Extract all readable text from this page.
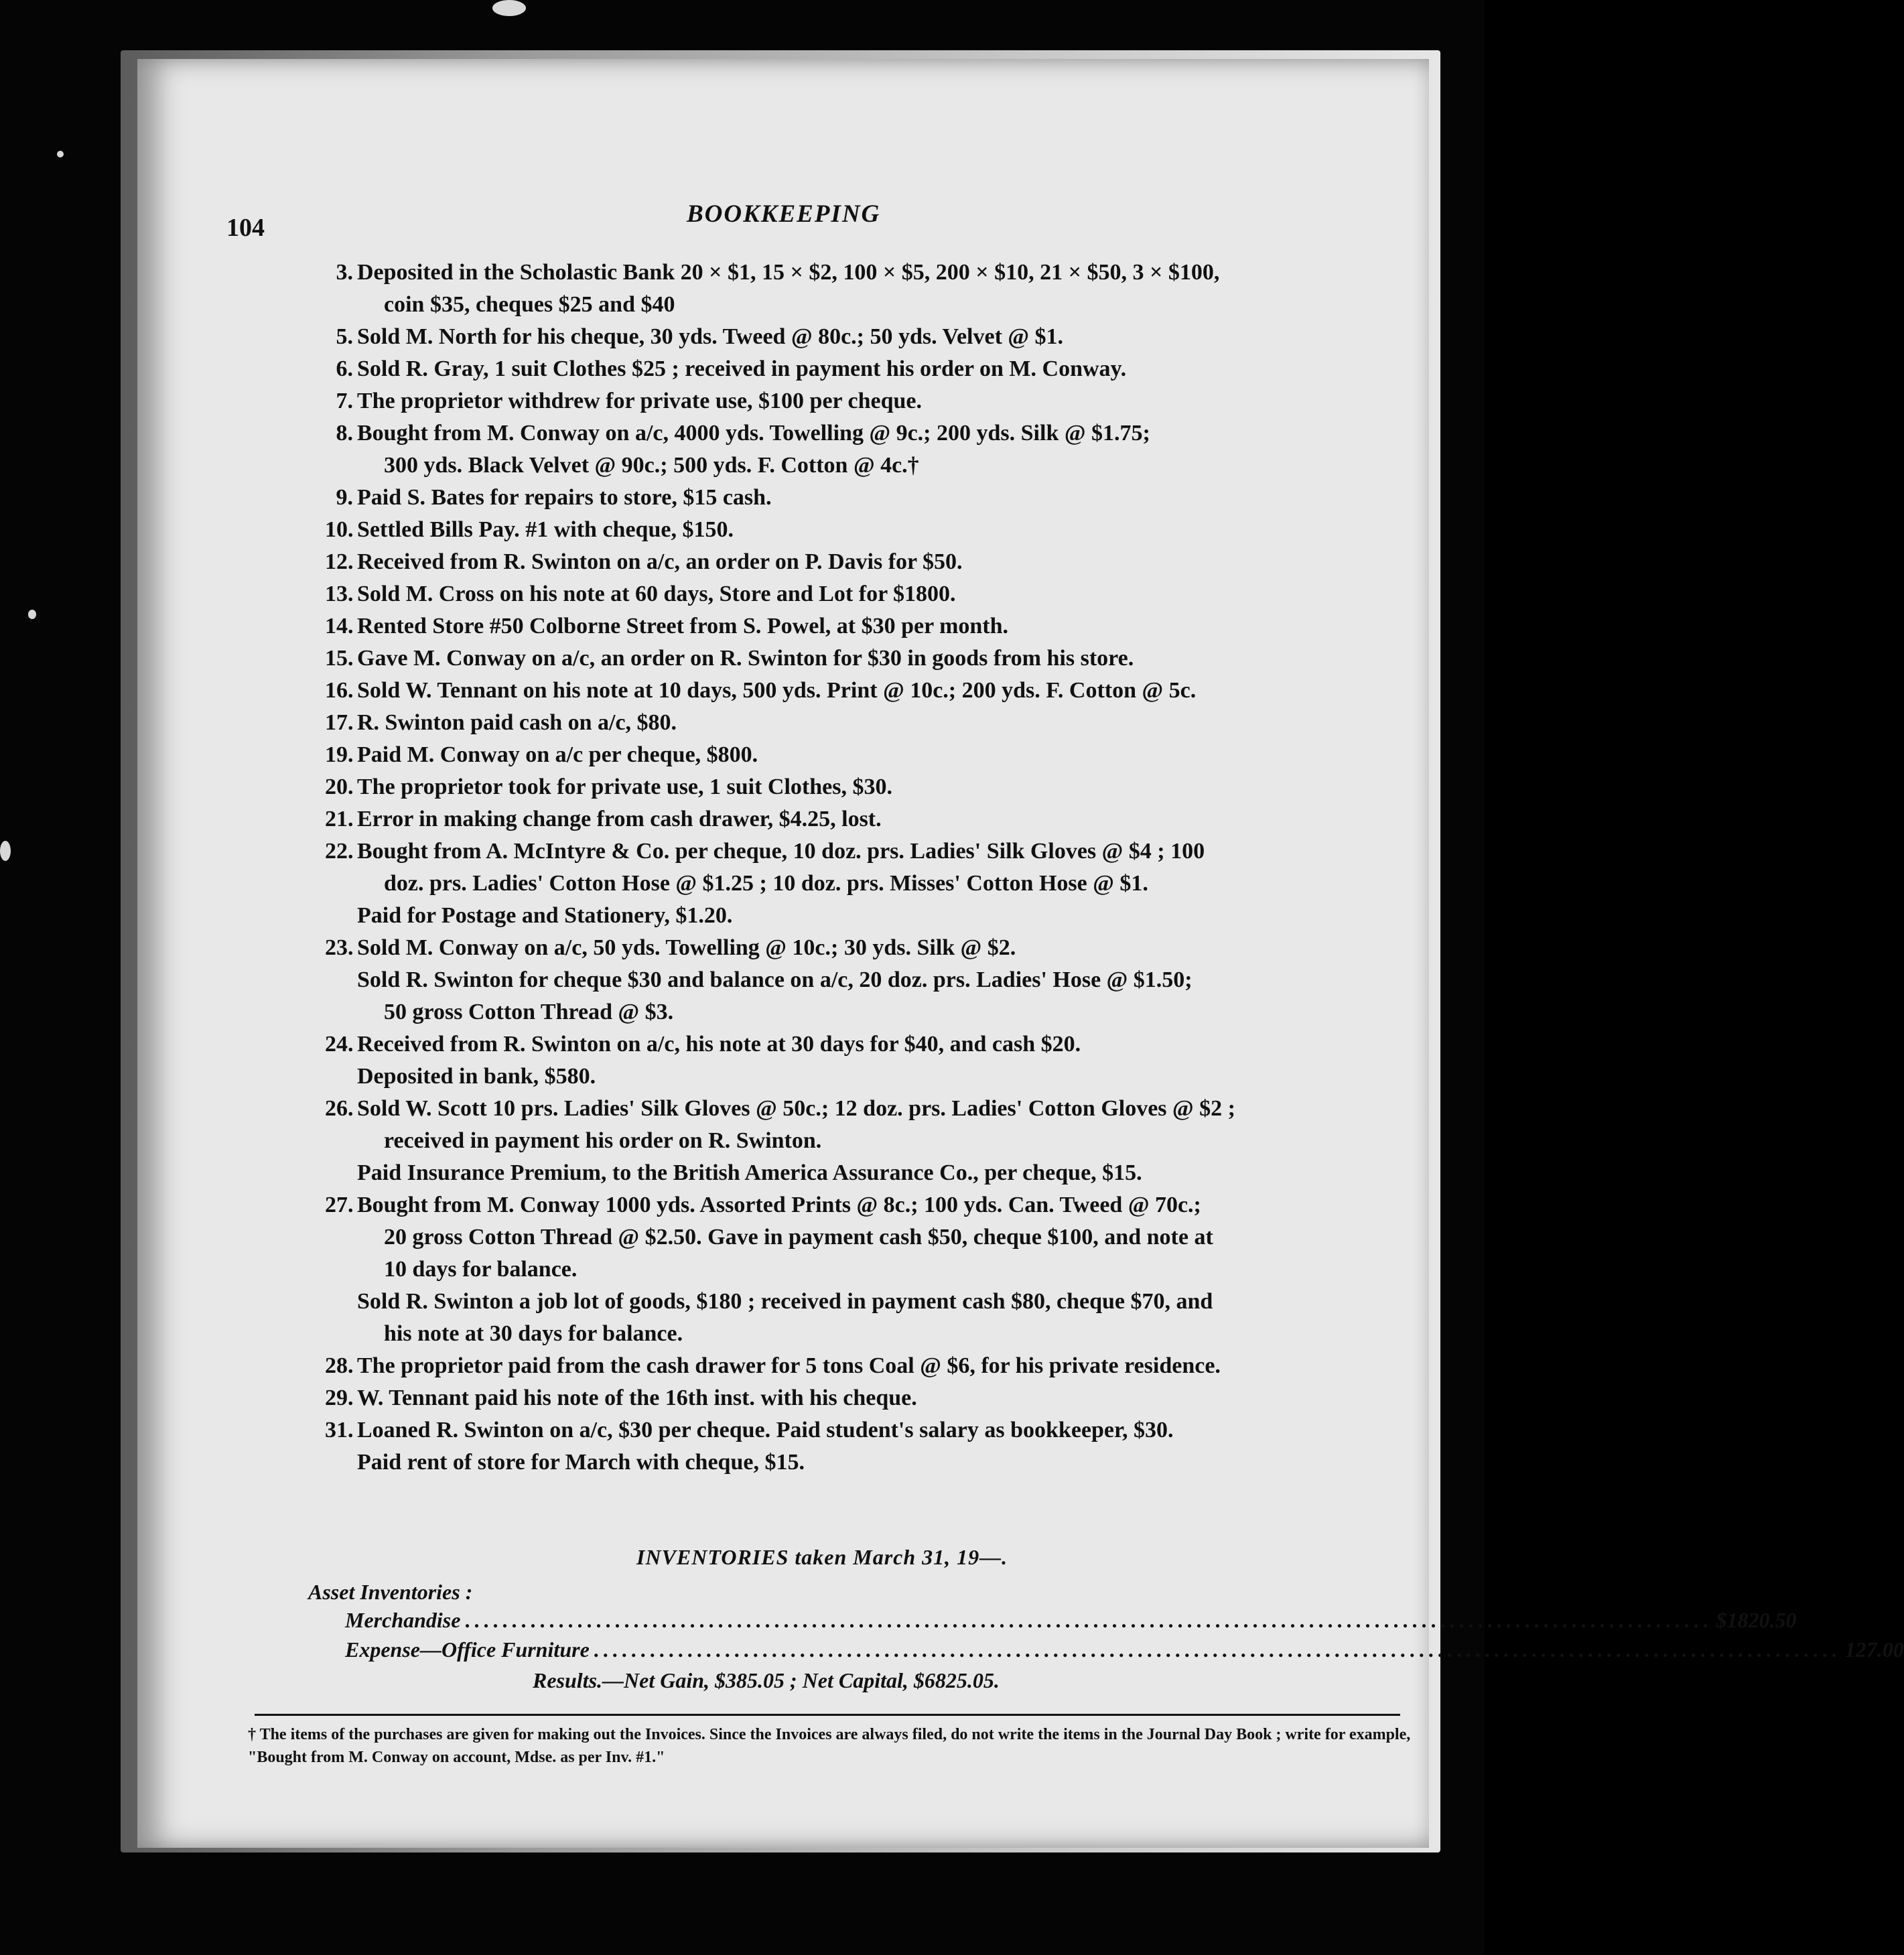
104	BOOKKEEPING
3. Deposited in the Scholastic Bank 20 × $1, 15 × $2, 100 × $5, 200 × $10, 21 × $50, 3 × $100,
coin $35, cheques $25 and $40
5. Sold M. North for his cheque, 30 yds. Tweed @ 80c.; 50 yds. Velvet @ $1.
6. Sold R. Gray, 1 suit Clothes $25 ; received in payment his order on M. Conway.
7. The proprietor withdrew for private use, $100 per cheque.
8. Bought from M. Conway on a/c, 4000 yds. Towelling @ 9c.; 200 yds. Silk @ $1.75;
300 yds. Black Velvet @ 90c.; 500 yds. F. Cotton @ 4c.†
9. Paid S. Bates for repairs to store, $15 cash.
10. Settled Bills Pay. #1 with cheque, $150.
12. Received from R. Swinton on a/c, an order on P. Davis for $50.
13. Sold M. Cross on his note at 60 days, Store and Lot for $1800.
14. Rented Store #50 Colborne Street from S. Powel, at $30 per month.
15. Gave M. Conway on a/c, an order on R. Swinton for $30 in goods from his store.
16. Sold W. Tennant on his note at 10 days, 500 yds. Print @ 10c.; 200 yds. F. Cotton @ 5c.
17. R. Swinton paid cash on a/c, $80.
19. Paid M. Conway on a/c per cheque, $800.
20. The proprietor took for private use, 1 suit Clothes, $30.
21. Error in making change from cash drawer, $4.25, lost.
22. Bought from A. McIntyre & Co. per cheque, 10 doz. prs. Ladies' Silk Gloves @ $4 ; 100
doz. prs. Ladies' Cotton Hose @ $1.25 ; 10 doz. prs. Misses' Cotton Hose @ $1.
Paid for Postage and Stationery, $1.20.
23. Sold M. Conway on a/c, 50 yds. Towelling @ 10c.; 30 yds. Silk @ $2.
Sold R. Swinton for cheque $30 and balance on a/c, 20 doz. prs. Ladies' Hose @ $1.50;
50 gross Cotton Thread @ $3.
24. Received from R. Swinton on a/c, his note at 30 days for $40, and cash $20.
Deposited in bank, $580.
26. Sold W. Scott 10 prs. Ladies' Silk Gloves @ 50c.; 12 doz. prs. Ladies' Cotton Gloves @ $2 ;
received in payment his order on R. Swinton.
Paid Insurance Premium, to the British America Assurance Co., per cheque, $15.
27. Bought from M. Conway 1000 yds. Assorted Prints @ 8c.; 100 yds. Can. Tweed @ 70c.;
20 gross Cotton Thread @ $2.50. Gave in payment cash $50, cheque $100, and note at
10 days for balance.
Sold R. Swinton a job lot of goods, $180 ; received in payment cash $80, cheque $70, and
his note at 30 days for balance.
28. The proprietor paid from the cash drawer for 5 tons Coal @ $6, for his private residence.
29. W. Tennant paid his note of the 16th inst. with his cheque.
31. Loaned R. Swinton on a/c, $30 per cheque. Paid student's salary as bookkeeper, $30.
Paid rent of store for March with cheque, $15.
INVENTORIES taken March 31, 19—.
Asset Inventories :
Merchandise ..................................................................................................................................... $1820.50
Expense—Office Furniture ..................................................................................................................................... 127.00
Results.—Net Gain, $385.05 ; Net Capital, $6825.05.
† The items of the purchases are given for making out the Invoices. Since the Invoices are always filed, do not write the items in the Journal Day Book ; write for example, "Bought from M. Conway on account, Mdse. as per Inv. #1."
